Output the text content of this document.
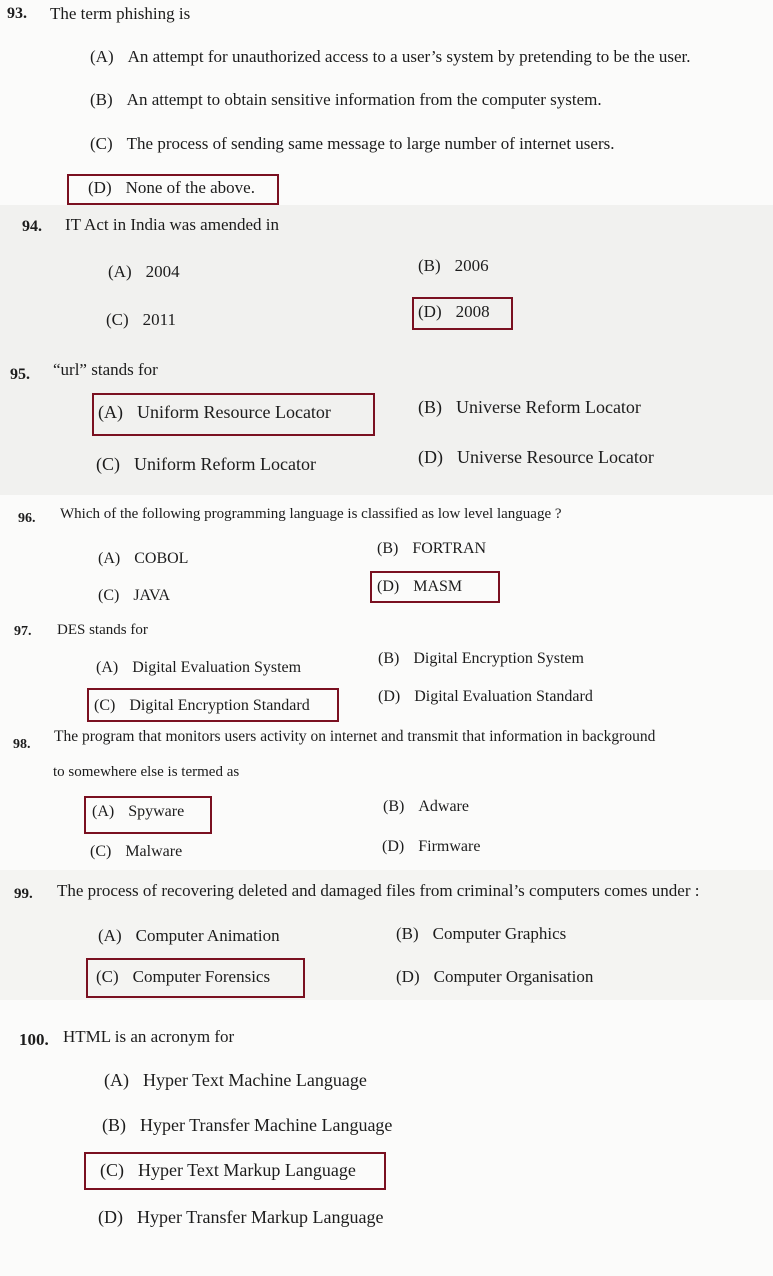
93. The term phishing is
(A) An attempt for unauthorized access to a user’s system by pretending to be the user.
(B) An attempt to obtain sensitive information from the computer system.
(C) The process of sending same message to large number of internet users.
(D) None of the above.
94. IT Act in India was amended in
(A) 2004	(B) 2006
(C) 2011	(D) 2008
95. “url” stands for
(A) Uniform Resource Locator	(B) Universe Reform Locator
(C) Uniform Reform Locator	(D) Universe Resource Locator
96. Which of the following programming language is classified as low level language ?
(A) COBOL
(B) FORTRAN
(C) JAVA
(D) MASM
97. DES stands for
(A) Digital Evaluation System
(B) Digital Encryption System
(C) Digital Encryption Standard
(D) Digital Evaluation Standard
98. The program that monitors users activity on internet and transmit that information in background
to somewhere else is termed as
(A) Spyware	(B) Adware
(C) Malware	(D) Firmware
99. The process of recovering deleted and damaged files from criminal’s computers comes under :
(A) Computer Animation	(B) Computer Graphics
(C) Computer Forensics	(D) Computer Organisation
100. HTML is an acronym for
(A) Hyper Text Machine Language
(B) Hyper Transfer Machine Language
(C) Hyper Text Markup Language
(D) Hyper Transfer Markup Language
